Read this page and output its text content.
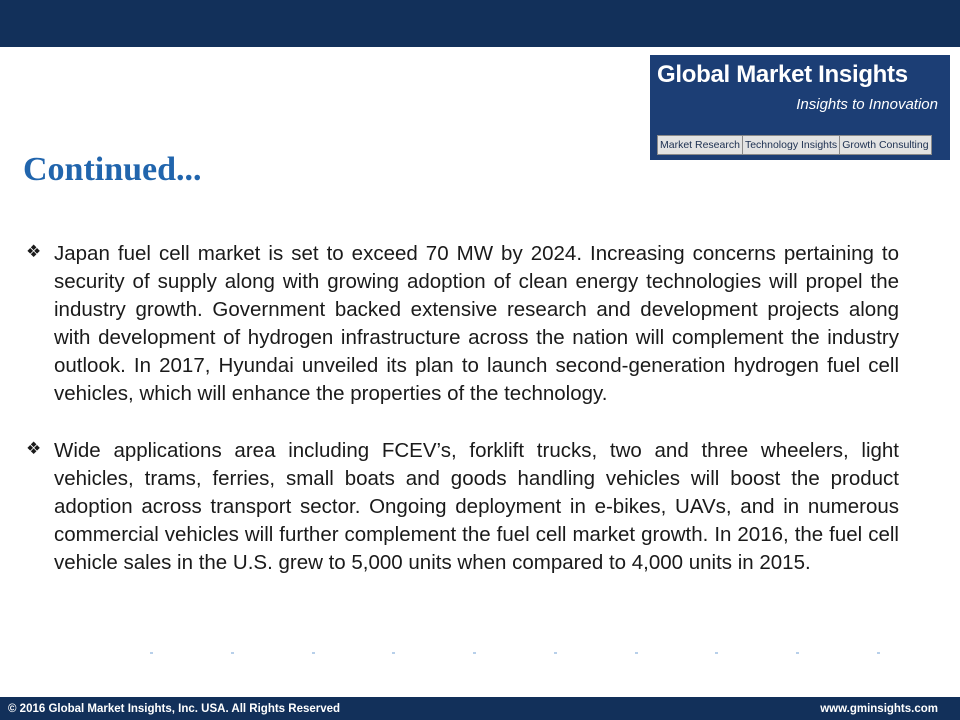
Global Market Insights
Insights to Innovation
Market Research Technology Insights Growth Consulting
Continued...
❖ Japan fuel cell market is set to exceed 70 MW by 2024. Increasing concerns pertaining to security of supply along with growing adoption of clean energy technologies will propel the industry growth. Government backed extensive research and development projects along with development of hydrogen infrastructure across the nation will complement the industry outlook. In 2017, Hyundai unveiled its plan to launch second-generation hydrogen fuel cell vehicles, which will enhance the properties of the technology.
❖ Wide applications area including FCEV’s, forklift trucks, two and three wheelers, light vehicles, trams, ferries, small boats and goods handling vehicles will boost the product adoption across transport sector. Ongoing deployment in e-bikes, UAVs, and in numerous commercial vehicles will further complement the fuel cell market growth. In 2016, the fuel cell vehicle sales in the U.S. grew to 5,000 units when compared to 4,000 units in 2015.
© 2016 Global Market Insights, Inc. USA. All Rights Reserved	www.gminsights.com
